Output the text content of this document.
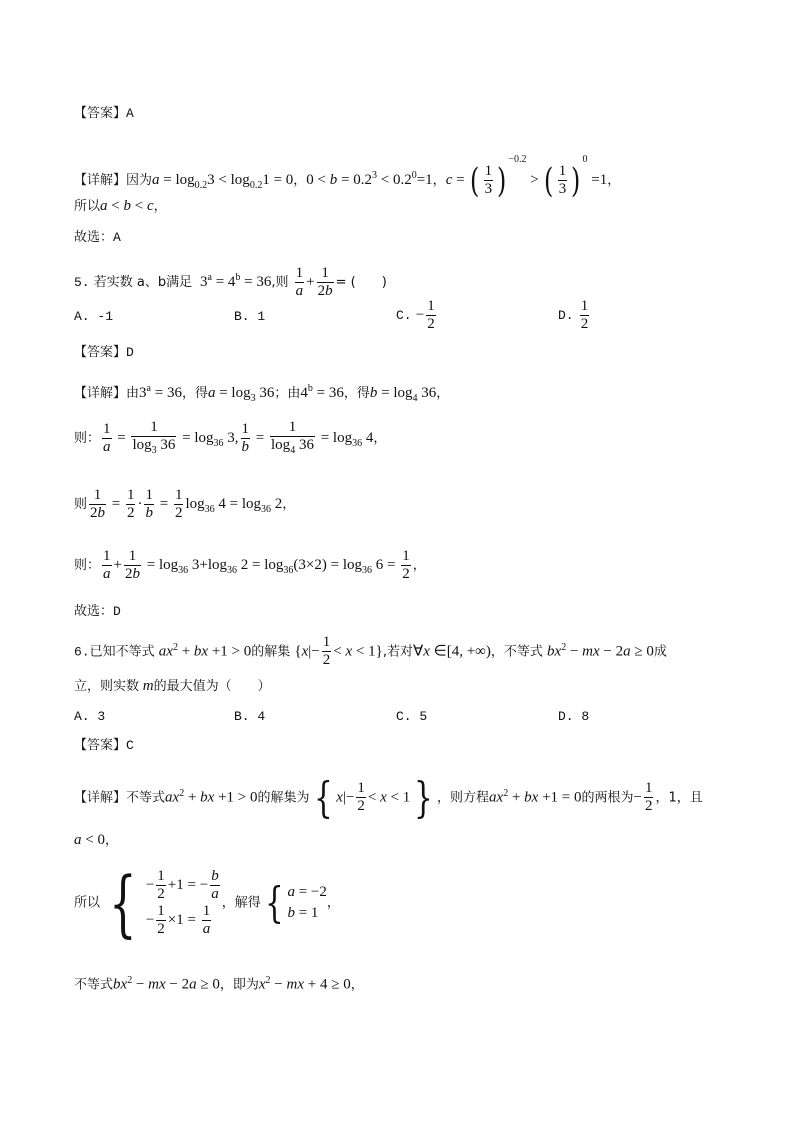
【答案】A
【详解】因为$a = \log_{0.2}3 < \log_{0.2}1 = 0$，$0 < b = 0.2^3 < 0.2^0=1$，c = ( $\frac{1}{3} )^{-0.2}$ > ( $\frac{1}{3} )^0 =1$，
所以a < b < c，
故选：A
5. 若实数 a、b满足  $3^a = 4^b = 36$,则 $\frac{1}{a} + \frac{1}{2b}$ = (　　)
A. -1	B. 1	C. − $\frac{1}{2}$	D. $\frac{1}{2}$
【答案】D
【详解】由$3^a = 36$，得$a = \log_3 36$；由$4^b = 36$，得$b = \log_4 36$，
则： $\frac{1}{a} = \frac{1}{\log_3 36} = \log_{36} 3$, $\frac{1}{b} = \frac{1}{\log_4 36} = \log_{36} 4$，
则 $\frac{1}{2b} = \frac{1}{2} \cdot \frac{1}{b} = \frac{1}{2} \log_{36} 4 = \log_{36} 2$，
则： $\frac{1}{a} + \frac{1}{2b} = \log_{36} 3+\log_{36}$ $2 = \log_{36}(3\times 2) = \log_{36} 6 = \frac{1}{2}$ ，
故选：D
6.已知不等式 $ax^2$ + bx +1 > 0的解集 $\{x|- \frac{1}{2} < x < 1\}$,若对∀x ∈[4, +∞)，不等式 $bx^2$ − mx − 2a ≥ 0成
立，则实数 m的最大值为（　　）
A. 3	B. 4	C. 5	D. 8
【答案】C
【详解】不等式$ax^2$ + bx +1 > 0的解集为{ $x|- \frac{1}{2} < x < 1$} ，则方程$ax^2$ + bx +1 = 0的两根为− $\frac{1}{2}$ ，1，且
a < 0，
所以 { − $\frac{1}{2} +1$ = − $\frac{b}{a}$
− $\frac{1}{2} \times 1 = \frac{1}{a}$ ，解得{ a = −2
b = 1
，
不等式$bx^2$ − mx − 2a ≥ 0，即为$x^2$ − mx + 4 ≥ 0，
